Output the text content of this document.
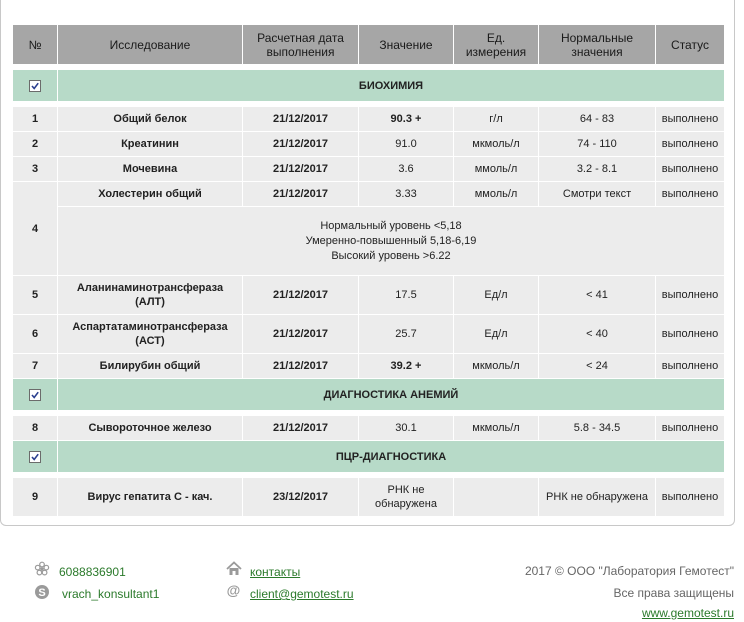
№	Исследование	Расчетная дата выполнения	Значение	Ед. измерения	Нормальные значения	Статус

	БИОХИМИЯ					

1	Общий белок	21/12/2017	90.3 +	г/л	64 - 83	выполнено
2	Креатинин	21/12/2017	91.0	мкмоль/л	74 - 110	выполнено
3	Мочевина	21/12/2017	3.6	ммоль/л	3.2 - 8.1	выполнено
4	Холестерин общий	21/12/2017	3.33	ммоль/л	Смотри текст	выполнено

	Нормальный уровень <5,18
Умеренно-повышенный 5,18-6,19
Высокий уровень >6.22					

5	Аланинаминотрансфераза (АЛТ)	21/12/2017	17.5	Ед/л	< 41	выполнено
6	Аспартатаминотрансфераза (АСТ)	21/12/2017	25.7	Ед/л	< 40	выполнено
7	Билирубин общий	21/12/2017	39.2 +	мкмоль/л	< 24	выполнено

	ДИАГНОСТИКА АНЕМИЙ					

8	Сывороточное железо	21/12/2017	30.1	мкмоль/л	5.8 - 34.5	выполнено

	ПЦР-ДИАГНОСТИКА					

9	Вирус гепатита С - кач.	23/12/2017	РНК не обнаружена		РНК не обнаружена	выполнено
6088836901
S vrach_konsultant1
контакты
@ client@gemotest.ru
2017 © ООО "Лаборатория Гемотест"
Все права защищены
www.gemotest.ru
